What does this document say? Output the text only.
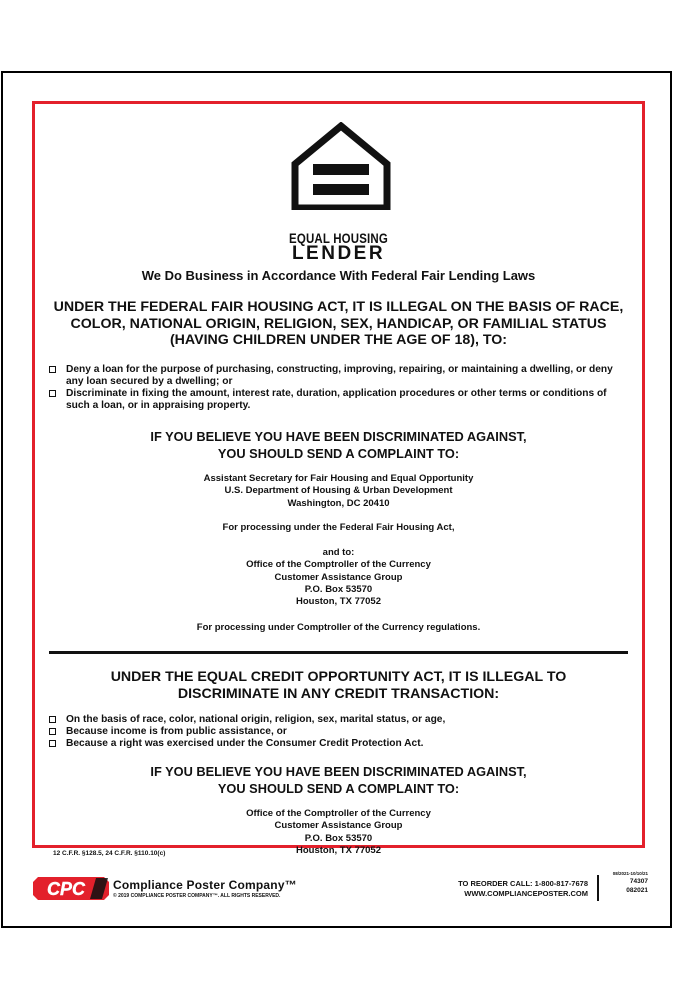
EQUAL HOUSING
LENDER
We Do Business in Accordance With Federal Fair Lending Laws
UNDER THE FEDERAL FAIR HOUSING ACT, IT IS ILLEGAL ON THE BASIS OF RACE, COLOR, NATIONAL ORIGIN, RELIGION, SEX, HANDICAP, OR FAMILIAL STATUS (HAVING CHILDREN UNDER THE AGE OF 18), TO:
Deny a loan for the purpose of purchasing, constructing, improving, repairing, or maintaining a dwelling, or deny any loan secured by a dwelling; or
Discriminate in fixing the amount, interest rate, duration, application procedures or other terms or conditions of such a loan, or in appraising property.
IF YOU BELIEVE YOU HAVE BEEN DISCRIMINATED AGAINST,
YOU SHOULD SEND A COMPLAINT TO:
Assistant Secretary for Fair Housing and Equal Opportunity
U.S. Department of Housing & Urban Development
Washington, DC 20410
For processing under the Federal Fair Housing Act,
and to:
Office of the Comptroller of the Currency
Customer Assistance Group
P.O. Box 53570
Houston, TX 77052
For processing under Comptroller of the Currency regulations.
UNDER THE EQUAL CREDIT OPPORTUNITY ACT, IT IS ILLEGAL TO
DISCRIMINATE IN ANY CREDIT TRANSACTION:
On the basis of race, color, national origin, religion, sex, marital status, or age,
Because income is from public assistance, or
Because a right was exercised under the Consumer Credit Protection Act.
IF YOU BELIEVE YOU HAVE BEEN DISCRIMINATED AGAINST,
YOU SHOULD SEND A COMPLAINT TO:
Office of the Comptroller of the Currency
Customer Assistance Group
P.O. Box 53570
Houston, TX 77052
12 C.F.R. §128.5, 24 C.F.R. §110.10(c)
CPC Compliance Poster Company™
© 2019 COMPLIANCE POSTER COMPANY™. ALL RIGHTS RESERVED.
TO REORDER CALL: 1-800-817-7678
WWW.COMPLIANCEPOSTER.COM
08/2021-10/10/21
74307
082021
